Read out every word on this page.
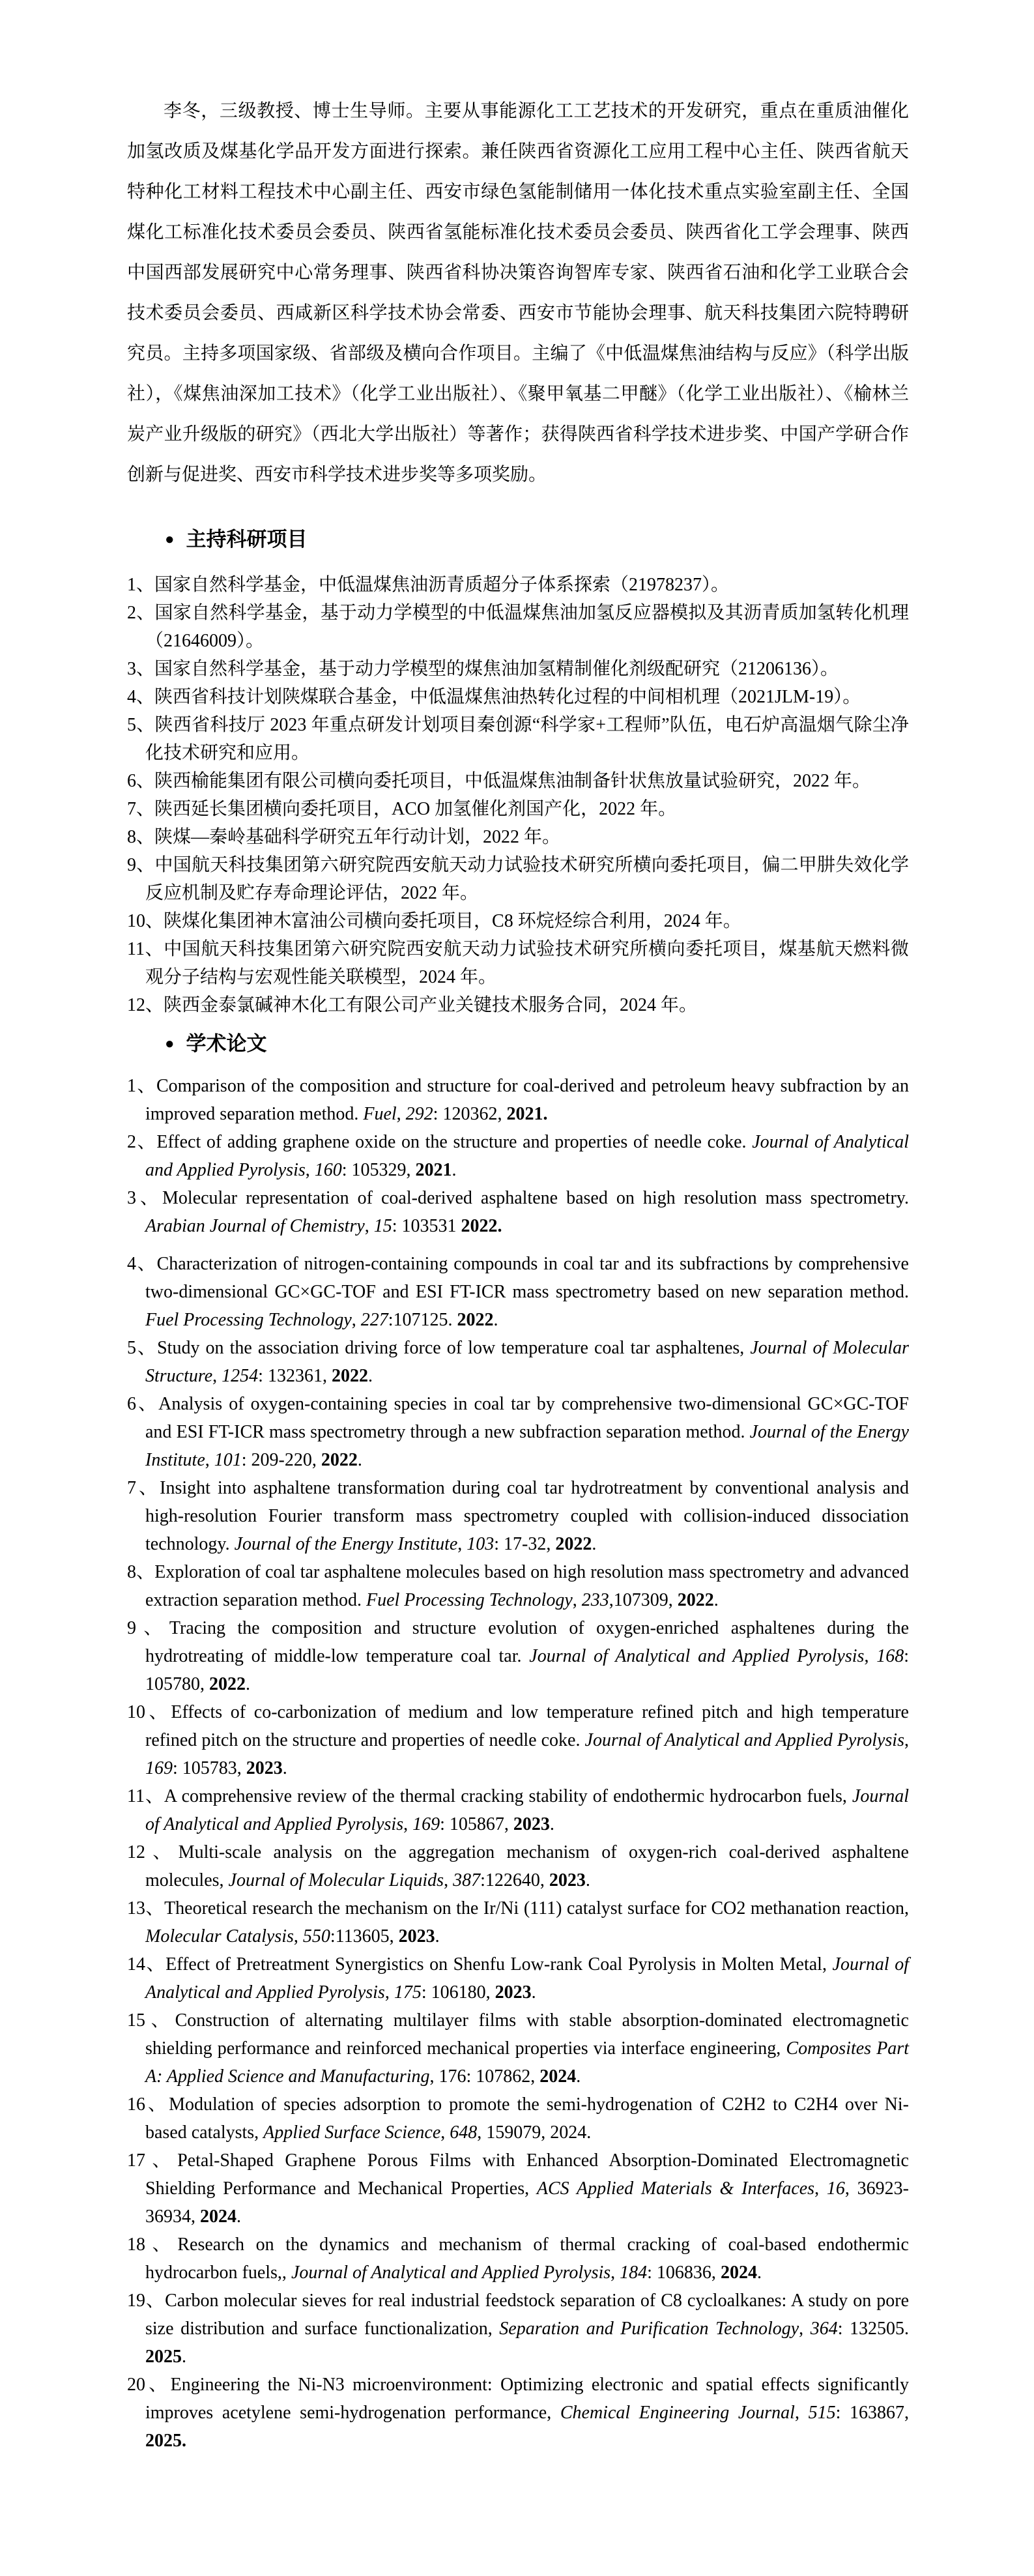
李冬，三级教授、博士生导师。主要从事能源化工工艺技术的开发研究，重点在重质油催化加氢改质及煤基化学品开发方面进行探索。兼任陕西省资源化工应用工程中心主任、陕西省航天特种化工材料工程技术中心副主任、西安市绿色氢能制储用一体化技术重点实验室副主任、全国煤化工标准化技术委员会委员、陕西省氢能标准化技术委员会委员、陕西省化工学会理事、陕西中国西部发展研究中心常务理事、陕西省科协决策咨询智库专家、陕西省石油和化学工业联合会技术委员会委员、西咸新区科学技术协会常委、西安市节能协会理事、航天科技集团六院特聘研究员。主持多项国家级、省部级及横向合作项目。主编了《中低温煤焦油结构与反应》（科学出版社），《煤焦油深加工技术》（化学工业出版社）、《聚甲氧基二甲醚》（化学工业出版社）、《榆林兰炭产业升级版的研究》（西北大学出版社）等著作；获得陕西省科学技术进步奖、中国产学研合作创新与促进奖、西安市科学技术进步奖等多项奖励。

● 主持科研项目
1、国家自然科学基金，中低温煤焦油沥青质超分子体系探索（21978237）。
2、国家自然科学基金，基于动力学模型的中低温煤焦油加氢反应器模拟及其沥青质加氢转化机理（21646009）。
3、国家自然科学基金，基于动力学模型的煤焦油加氢精制催化剂级配研究（21206136）。
4、陕西省科技计划陕煤联合基金，中低温煤焦油热转化过程的中间相机理（2021JLM-19）。
5、陕西省科技厅 2023 年重点研发计划项目秦创源“科学家+工程师”队伍，电石炉高温烟气除尘净化技术研究和应用。
6、陕西榆能集团有限公司横向委托项目，中低温煤焦油制备针状焦放量试验研究，2022 年。
7、陕西延长集团横向委托项目，ACO 加氢催化剂国产化，2022 年。
8、陕煤—秦岭基础科学研究五年行动计划，2022 年。
9、中国航天科技集团第六研究院西安航天动力试验技术研究所横向委托项目，偏二甲肼失效化学反应机制及贮存寿命理论评估，2022 年。
10、陕煤化集团神木富油公司横向委托项目，C8 环烷烃综合利用，2024 年。
11、中国航天科技集团第六研究院西安航天动力试验技术研究所横向委托项目，煤基航天燃料微观分子结构与宏观性能关联模型，2024 年。
12、陕西金泰氯碱神木化工有限公司产业关键技术服务合同，2024 年。
● 学术论文
1、Comparison of the composition and structure for coal-derived and petroleum heavy subfraction by an improved separation method. Fuel, 292: 120362, 2021.
2、Effect of adding graphene oxide on the structure and properties of needle coke. Journal of Analytical and Applied Pyrolysis, 160: 105329, 2021.
3、Molecular representation of coal-derived asphaltene based on high resolution mass spectrometry. Arabian Journal of Chemistry, 15: 103531 2022.
4、Characterization of nitrogen-containing compounds in coal tar and its subfractions by comprehensive two-dimensional GC×GC-TOF and ESI FT-ICR mass spectrometry based on new separation method. Fuel Processing Technology, 227:107125. 2022.
5、Study on the association driving force of low temperature coal tar asphaltenes, Journal of Molecular Structure, 1254: 132361, 2022.
6、Analysis of oxygen-containing species in coal tar by comprehensive two-dimensional GC×GC-TOF and ESI FT-ICR mass spectrometry through a new subfraction separation method. Journal of the Energy Institute, 101: 209-220, 2022.
7、Insight into asphaltene transformation during coal tar hydrotreatment by conventional analysis and high-resolution Fourier transform mass spectrometry coupled with collision-induced dissociation technology. Journal of the Energy Institute, 103: 17-32, 2022.
8、Exploration of coal tar asphaltene molecules based on high resolution mass spectrometry and advanced extraction separation method. Fuel Processing Technology, 233,107309, 2022.
9、Tracing the composition and structure evolution of oxygen-enriched asphaltenes during the hydrotreating of middle-low temperature coal tar. Journal of Analytical and Applied Pyrolysis, 168: 105780, 2022.
10、Effects of co-carbonization of medium and low temperature refined pitch and high temperature refined pitch on the structure and properties of needle coke. Journal of Analytical and Applied Pyrolysis, 169: 105783, 2023.
11、A comprehensive review of the thermal cracking stability of endothermic hydrocarbon fuels, Journal of Analytical and Applied Pyrolysis, 169: 105867, 2023.
12、Multi-scale analysis on the aggregation mechanism of oxygen-rich coal-derived asphaltene molecules, Journal of Molecular Liquids, 387:122640, 2023.
13、Theoretical research the mechanism on the Ir/Ni (111) catalyst surface for CO2 methanation reaction, Molecular Catalysis, 550:113605, 2023.
14、Effect of Pretreatment Synergistics on Shenfu Low-rank Coal Pyrolysis in Molten Metal, Journal of Analytical and Applied Pyrolysis, 175: 106180, 2023.
15、Construction of alternating multilayer films with stable absorption-dominated electromagnetic shielding performance and reinforced mechanical properties via interface engineering, Composites Part A: Applied Science and Manufacturing, 176: 107862, 2024.
16、Modulation of species adsorption to promote the semi-hydrogenation of C2H2 to C2H4 over Ni-based catalysts, Applied Surface Science, 648, 159079, 2024.
17、Petal-Shaped Graphene Porous Films with Enhanced Absorption-Dominated Electromagnetic Shielding Performance and Mechanical Properties, ACS Applied Materials & Interfaces, 16, 36923-36934, 2024.
18、Research on the dynamics and mechanism of thermal cracking of coal-based endothermic hydrocarbon fuels,, Journal of Analytical and Applied Pyrolysis, 184: 106836, 2024.
19、Carbon molecular sieves for real industrial feedstock separation of C8 cycloalkanes: A study on pore size distribution and surface functionalization, Separation and Purification Technology, 364: 132505. 2025.
20、Engineering the Ni-N3 microenvironment: Optimizing electronic and spatial effects significantly improves acetylene semi-hydrogenation performance, Chemical Engineering Journal, 515: 163867, 2025.
